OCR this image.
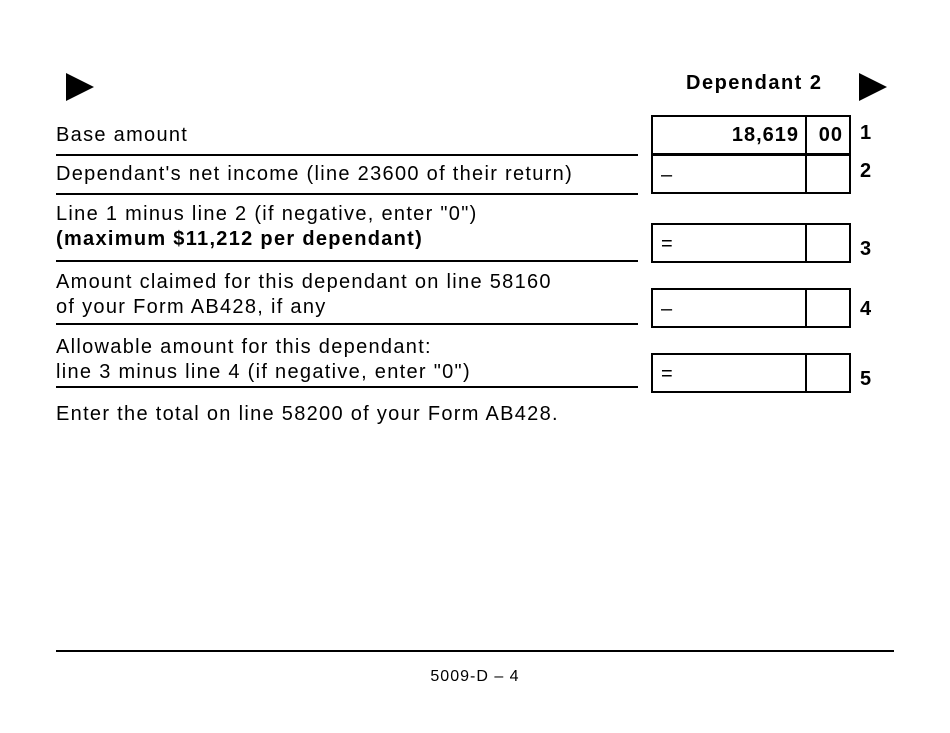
Dependant 2
Base amount	18,619 00 1
Dependant's net income (line 23600 of their return)	–	2
Line 1 minus line 2 (if negative, enter "0")
(maximum $11,212 per dependant)	=	3
Amount claimed for this dependant on line 58160
of your Form AB428, if any	–	4
Allowable amount for this dependant:
line 3 minus line 4 (if negative, enter "0")	=	5
Enter the total on line 58200 of your Form AB428.
5009-D – 4
